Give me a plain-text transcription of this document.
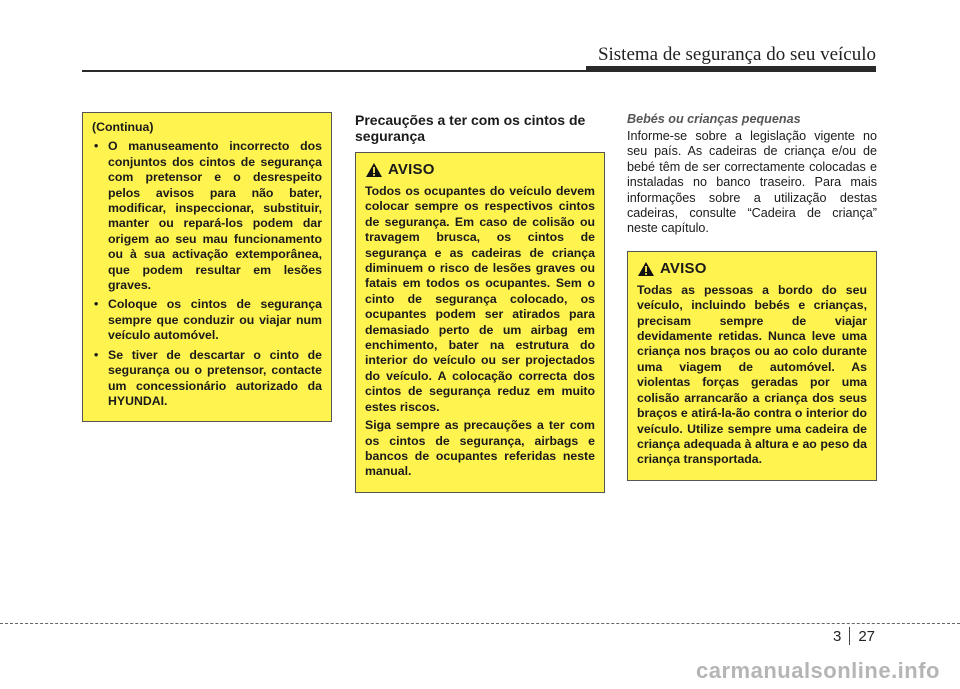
Sistema de segurança do seu veículo

(Continua)

• O manuseamento incorrecto dos conjuntos dos cintos de segurança com pretensor e o desrespeito pelos avisos para não bater, modificar, inspeccionar, substituir, manter ou repará-los podem dar origem ao seu mau funcionamento ou à sua activação extemporânea, que podem resultar em lesões graves.
• Coloque os cintos de segurança sempre que conduzir ou viajar num veículo automóvel.
• Se tiver de descartar o cinto de segurança ou o pretensor, contacte um concessionário autorizado da HYUNDAI.
Precauções a ter com os cintos de segurança
AVISO

Todos os ocupantes do veículo devem colocar sempre os respectivos cintos de segurança. Em caso de colisão ou travagem brusca, os cintos de segurança e as cadeiras de criança diminuem o risco de lesões graves ou fatais em todos os ocupantes. Sem o cinto de segurança colocado, os ocupantes podem ser atirados para demasiado perto de um airbag em enchimento, bater na estrutura do interior do veículo ou ser projectados do veículo. A colocação correcta dos cintos de segurança reduz em muito estes riscos.

Siga sempre as precauções a ter com os cintos de segurança, airbags e bancos de ocupantes referidas neste manual.

Bebés ou crianças pequenas

Informe-se sobre a legislação vigente no seu país. As cadeiras de criança e/ou de bebé têm de ser correctamente colocadas e instaladas no banco traseiro. Para mais informações sobre a utilização destas cadeiras, consulte “Cadeira de criança” neste capítulo.

AVISO

Todas as pessoas a bordo do seu veículo, incluindo bebés e crianças, precisam sempre de viajar devidamente retidas. Nunca leve uma criança nos braços ou ao colo durante uma viagem de automóvel. As violentas forças geradas por uma colisão arrancarão a criança dos seus braços e atirá-la-ão contra o interior do veículo. Utilize sempre uma cadeira de criança adequada à altura e ao peso da criança transportada.

3 27
carmanualsonline.info
